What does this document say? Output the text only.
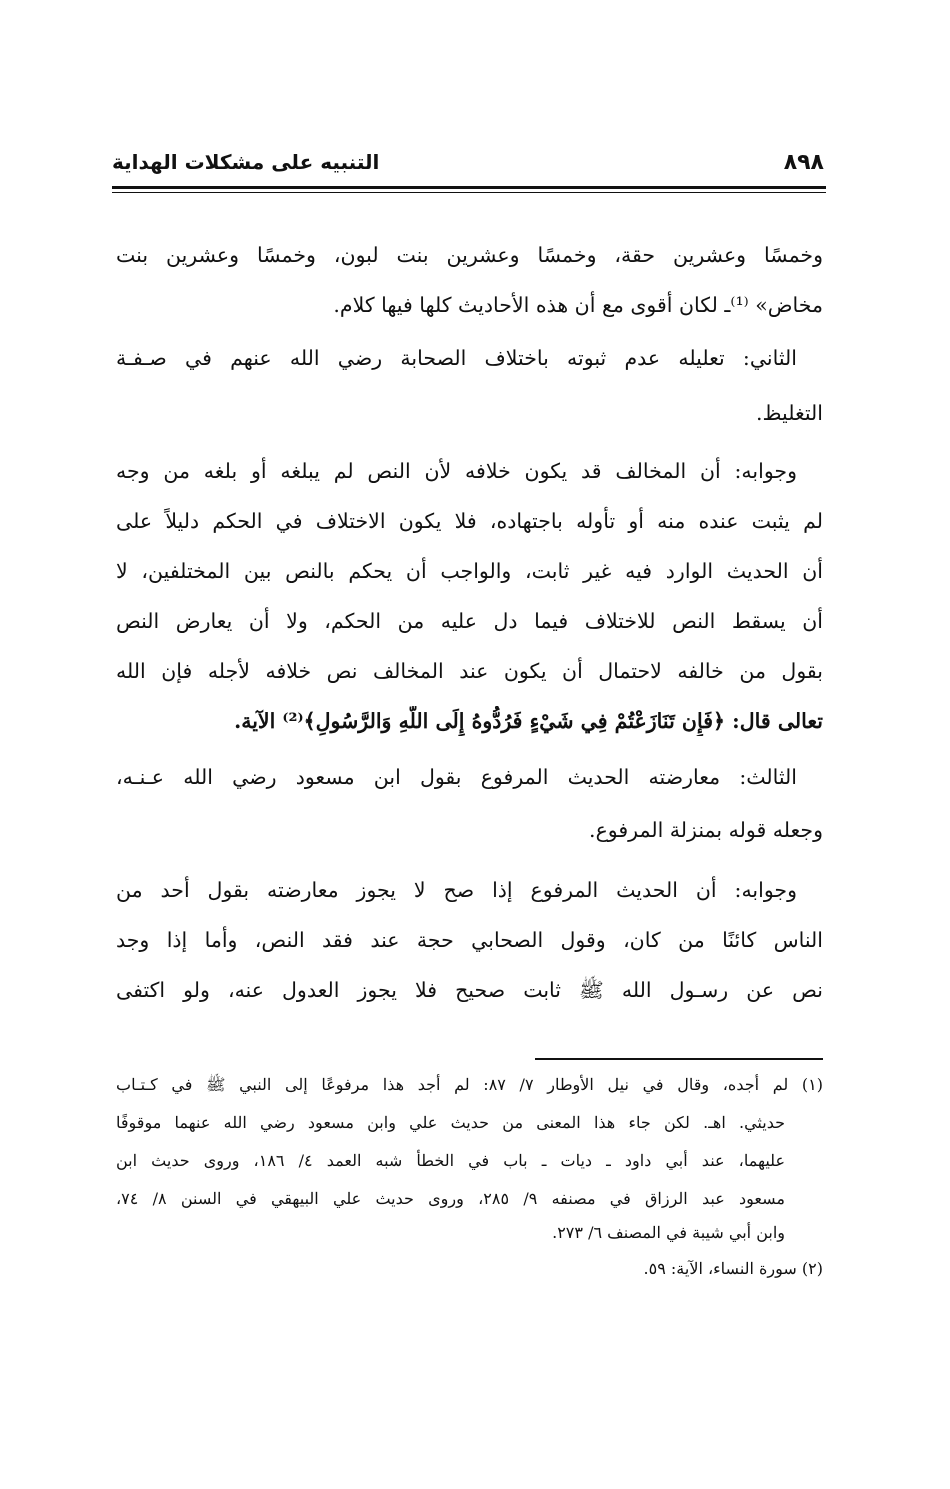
٨٩٨
التنبيه على مشكلات الهداية
وخمسًا وعشرين حقة، وخمسًا وعشرين بنت لبون، وخمسًا وعشرين بنت
مخاض» ⁽¹⁾ـ لكان أقوى مع أن هذه الأحاديث كلها فيها كلام.
الثاني: تعليله عدم ثبوته باختلاف الصحابة رضي الله عنهم في صـفـة
التغليظ.
وجوابه: أن المخالف قد يكون خلافه لأن النص لم يبلغه أو بلغه من وجه
لم يثبت عنده منه أو تأوله باجتهاده، فلا يكون الاختلاف في الحكم دليلاً على
أن الحديث الوارد فيه غير ثابت، والواجب أن يحكم بالنص بين المختلفين، لا
أن يسقط النص للاختلاف فيما دل عليه من الحكم، ولا أن يعارض النص
بقول من خالفه لاحتمال أن يكون عند المخالف نص خلافه لأجله فإن الله
تعالى قال: ﴿فَإِن تَنَازَعْتُمْ فِي شَيْءٍ فَرُدُّوهُ إِلَى اللَّهِ وَالرَّسُولِ﴾⁽²⁾ الآية.
الثالث: معارضته الحديث المرفوع بقول ابن مسعود رضي الله عـنـه،
وجعله قوله بمنزلة المرفوع.
وجوابه: أن الحديث المرفوع إذا صح لا يجوز معارضته بقول أحد من
الناس كائنًا من كان، وقول الصحابي حجة عند فقد النص، وأما إذا وجد
نص عن رسـول الله ﷺ ثابت صحيح فلا يجوز العدول عنه، ولو اكتفى
(١) لم أجده، وقال في نيل الأوطار ٧/ ٨٧: لم أجد هذا مرفوعًا إلى النبي ﷺ في كـتـاب
حديثي. اهـ. لكن جاء هذا المعنى من حديث علي وابن مسعود رضي الله عنهما موقوفًا
عليهما، عند أبي داود ـ ديات ـ باب في الخطأ شبه العمد ٤/ ١٨٦، وروى حديث ابن
مسعود عبد الرزاق في مصنفه ٩/ ٢٨٥، وروى حديث علي البيهقي في السنن ٨/ ٧٤،
وابن أبي شيبة في المصنف ٦/ ٢٧٣.
(٢) سورة النساء، الآية: ٥٩.
